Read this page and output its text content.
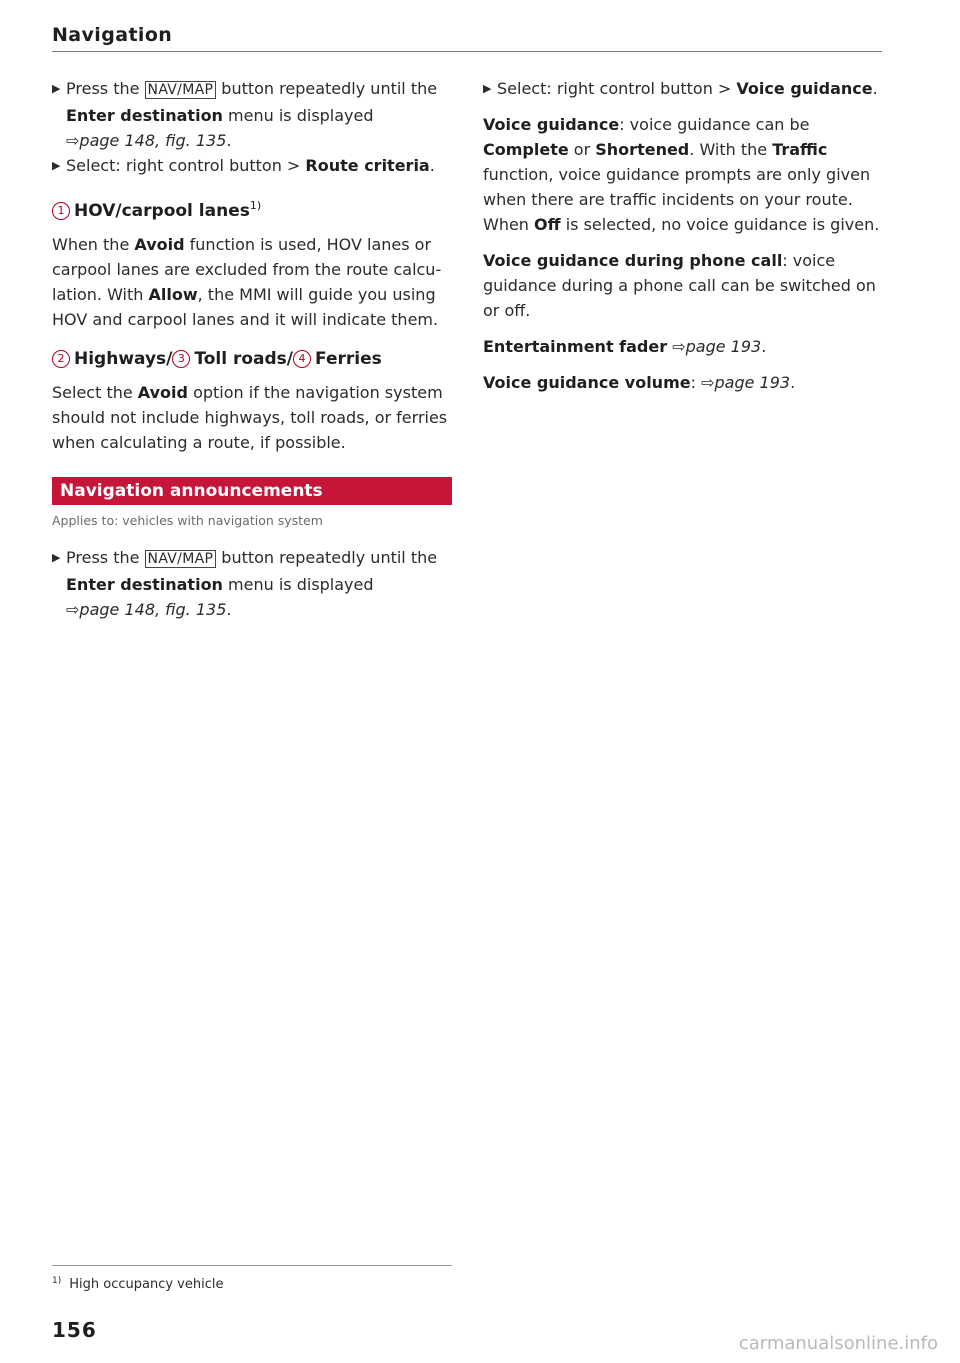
Navigation
▶ Press the NAV/MAP button repeatedly until the Enter destination menu is displayed
⇨page 148, fig. 135.
▶ Select: right control button > Route criteria.
1 HOV/carpool lanes$^{1)}$
When the Avoid function is used, HOV lanes or carpool lanes are excluded from the route calculation. With Allow, the MMI will guide you using HOV and carpool lanes and it will indicate them.
2 Highways/ 3 Toll roads/ 4 Ferries
Select the Avoid option if the navigation system should not include highways, toll roads, or ferries when calculating a route, if possible.
Navigation announcements
Applies to: vehicles with navigation system
▶ Press the NAV/MAP button repeatedly until the Enter destination menu is displayed
⇨page 148, fig. 135.
▶ Select: right control button > Voice guidance.
Voice guidance: voice guidance can be Complete or Shortened. With the Traffic function, voice guidance prompts are only given when there are traffic incidents on your route. When Off is selected, no voice guidance is given.
Voice guidance during phone call: voice guidance during a phone call can be switched on or off.
Entertainment fader ⇨page 193.
Voice guidance volume: ⇨page 193.
$^{1)}$ High occupancy vehicle
156
carmanualsonline.info
